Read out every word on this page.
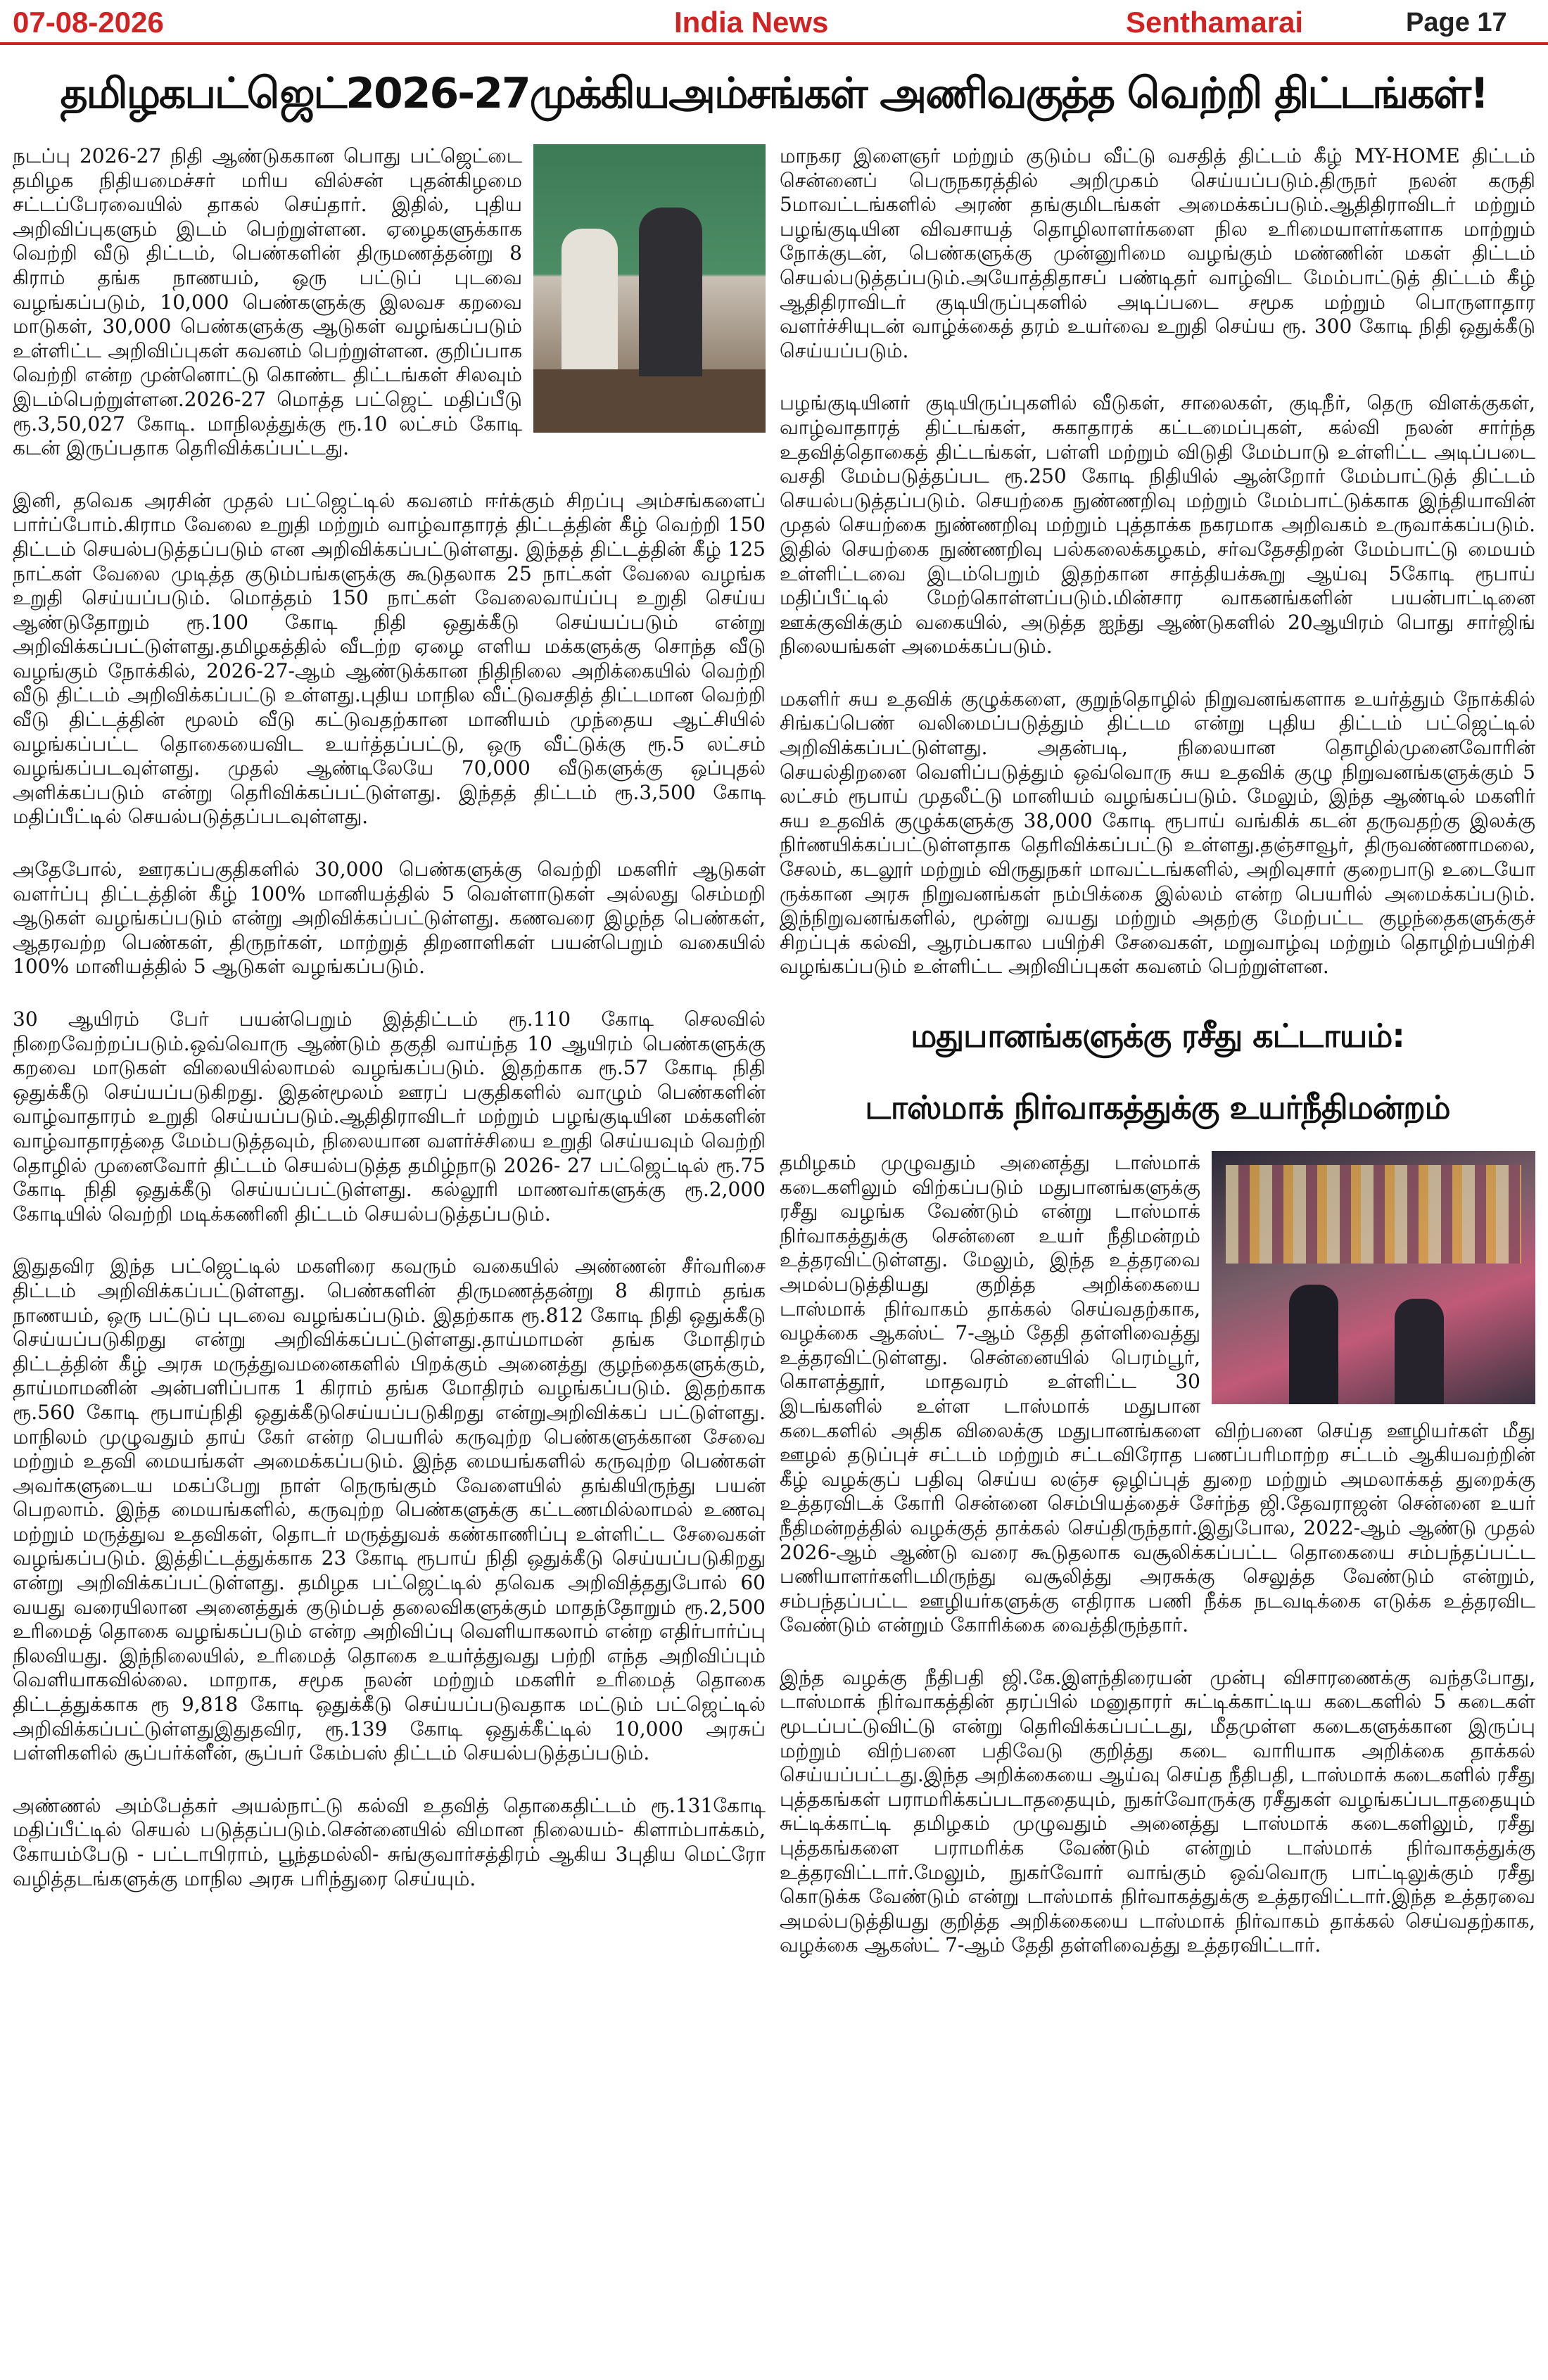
07-08-2026	India News	Senthamarai	Page 17
தமிழகபட்ஜெட்2026-27முக்கியஅம்சங்கள் அணிவகுத்த வெற்றி திட்டங்கள்!

நடப்பு 2026-27 நிதி ஆண்டுககான பொது பட்ஜெட்டை தமிழக நிதியமைச்சர் மரிய வில்சன் புதன்கிழமை சட்டப்பேரவையில் தாகல் செய்தார். இதில், புதிய அறிவிப்புகளும் இடம் பெற்றுள்ளன. ஏழைகளுக்காக வெற்றி வீடு திட்டம், பெண்களின் திருமணத்தன்று 8 கிராம் தங்க நாணயம், ஒரு பட்டுப் புடவை வழங்கப்படும், 10,000 பெண்களுக்கு இலவச கறவை மாடுகள், 30,000 பெண்களுக்கு ஆடுகள் வழங்கப்படும் உள்ளிட்ட அறிவிப்புகள் கவனம் பெற்றுள்ளன. குறிப்பாக வெற்றி என்ற முன்னொட்டு கொண்ட திட்டங்கள் சிலவும் இடம்பெற்றுள்ளன.2026-27 மொத்த பட்ஜெட் மதிப்பீடு ரூ.3,50,027 கோடி. மாநிலத்துக்கு ரூ.10 லட்சம் கோடி கடன் இருப்பதாக தெரிவிக்கப்பட்டது.

இனி, தவெக அரசின் முதல் பட்ஜெட்டில் கவனம் ஈர்க்கும் சிறப்பு அம்சங்களைப் பார்ப்போம்.கிராம வேலை உறுதி மற்றும் வாழ்வாதாரத் திட்டத்தின் கீழ் வெற்றி 150 திட்டம் செயல்படுத்தப்படும் என அறிவிக்கப்பட்டுள்ளது. இந்தத் திட்டத்தின் கீழ் 125 நாட்கள் வேலை முடித்த குடும்பங்களுக்கு கூடுதலாக 25 நாட்கள் வேலை வழங்க உறுதி செய்யப்படும். மொத்தம் 150 நாட்கள் வேலைவாய்ப்பு உறுதி செய்ய ஆண்டுதோறும் ரூ.100 கோடி நிதி ஒதுக்கீடு செய்யப்படும் என்று அறிவிக்கப்பட்டுள்ளது.தமிழகத்தில் வீடற்ற ஏழை எளிய மக்களுக்கு சொந்த வீடு வழங்கும் நோக்கில், 2026-27-ஆம் ஆண்டுக்கான நிதிநிலை அறிக்கையில் வெற்றி வீடு திட்டம் அறிவிக்கப்பட்டு உள்ளது.புதிய மாநில வீட்டுவசதித் திட்டமான வெற்றி வீடு திட்டத்தின் மூலம் வீடு கட்டுவதற்கான மானியம் முந்தைய ஆட்சியில் வழங்கப்பட்ட தொகையைவிட உயர்த்தப்பட்டு, ஒரு வீட்டுக்கு ரூ.5 லட்சம் வழங்கப்படவுள்ளது. முதல் ஆண்டிலேயே 70,000 வீடுகளுக்கு ஒப்புதல் அளிக்கப்படும் என்று தெரிவிக்கப்பட்டுள்ளது. இந்தத் திட்டம் ரூ.3,500 கோடி மதிப்பீட்டில் செயல்படுத்தப்படவுள்ளது.

அதேபோல், ஊரகப்பகுதிகளில் 30,000 பெண்களுக்கு வெற்றி மகளிர் ஆடுகள் வளர்ப்பு திட்டத்தின் கீழ் 100% மானியத்தில் 5 வெள்ளாடுகள் அல்லது செம்மறி ஆடுகள் வழங்கப்படும் என்று அறிவிக்கப்பட்டுள்ளது. கணவரை இழந்த பெண்கள், ஆதரவற்ற பெண்கள், திருநர்கள், மாற்றுத் திறனாளிகள் பயன்பெறும் வகையில் 100% மானியத்தில் 5 ஆடுகள் வழங்கப்படும்.

30 ஆயிரம் பேர் பயன்பெறும் இத்திட்டம் ரூ.110 கோடி செலவில் நிறைவேற்றப்படும்.ஒவ்வொரு ஆண்டும் தகுதி வாய்ந்த 10 ஆயிரம் பெண்களுக்கு கறவை மாடுகள் விலையில்லாமல் வழங்கப்படும். இதற்காக ரூ.57 கோடி நிதி ஒதுக்கீடு செய்யப்படுகிறது. இதன்மூலம் ஊரப் பகுதிகளில் வாழும் பெண்களின் வாழ்வாதாரம் உறுதி செய்யப்படும்.ஆதிதிராவிடர் மற்றும் பழங்குடியின மக்களின் வாழ்வாதாரத்தை மேம்படுத்தவும், நிலையான வளர்ச்சியை உறுதி செய்யவும் வெற்றி தொழில் முனைவோர் திட்டம் செயல்படுத்த தமிழ்நாடு 2026- 27 பட்ஜெட்டில் ரூ.75 கோடி நிதி ஒதுக்கீடு செய்யப்பட்டுள்ளது. கல்லூரி மாணவர்களுக்கு ரூ.2,000 கோடியில் வெற்றி மடிக்கணினி திட்டம் செயல்படுத்தப்படும்.

இதுதவிர இந்த பட்ஜெட்டில் மகளிரை கவரும் வகையில் அண்ணன் சீர்வரிசை திட்டம் அறிவிக்கப்பட்டுள்ளது. பெண்களின் திருமணத்தன்று 8 கிராம் தங்க நாணயம், ஒரு பட்டுப் புடவை வழங்கப்படும். இதற்காக ரூ.812 கோடி நிதி ஒதுக்கீடு செய்யப்படுகிறது என்று அறிவிக்கப்பட்டுள்ளது.தாய்மாமன் தங்க மோதிரம் திட்டத்தின் கீழ் அரசு மருத்துவமனைகளில் பிறக்கும் அனைத்து குழந்தைகளுக்கும், தாய்மாமனின் அன்பளிப்பாக 1 கிராம் தங்க மோதிரம் வழங்கப்படும். இதற்காக ரூ.560 கோடி ரூபாய்நிதி ஒதுக்கீடுசெய்யப்படுகிறது என்றுஅறிவிக்கப் பட்டுள்ளது. மாநிலம் முழுவதும் தாய் கேர் என்ற பெயரில் கருவுற்ற பெண்களுக்கான சேவை மற்றும் உதவி மையங்கள் அமைக்கப்படும். இந்த மையங்களில் கருவுற்ற பெண்கள் அவர்களுடைய மகப்பேறு நாள் நெருங்கும் வேளையில் தங்கியிருந்து பயன் பெறலாம். இந்த மையங்களில், கருவுற்ற பெண்களுக்கு கட்டணமில்லாமல் உணவு மற்றும் மருத்துவ உதவிகள், தொடர் மருத்துவக் கண்காணிப்பு உள்ளிட்ட சேவைகள் வழங்கப்படும். இத்திட்டத்துக்காக 23 கோடி ரூபாய் நிதி ஒதுக்கீடு செய்யப்படுகிறது என்று அறிவிக்கப்பட்டுள்ளது. தமிழக பட்ஜெட்டில் தவெக அறிவித்ததுபோல் 60 வயது வரையிலான அனைத்துக் குடும்பத் தலைவிகளுக்கும் மாதந்தோறும் ரூ.2,500 உரிமைத் தொகை வழங்கப்படும் என்ற அறிவிப்பு வெளியாகலாம் என்ற எதிர்பார்ப்பு நிலவியது. இந்நிலையில், உரிமைத் தொகை உயர்த்துவது பற்றி எந்த அறிவிப்பும் வெளியாகவில்லை. மாறாக, சமூக நலன் மற்றும் மகளிர் உரிமைத் தொகை திட்டத்துக்காக ரூ 9,818 கோடி ஒதுக்கீடு செய்யப்படுவதாக மட்டும் பட்ஜெட்டில் அறிவிக்கப்பட்டுள்ளதுஇதுதவிர, ரூ.139 கோடி ஒதுக்கீட்டில் 10,000 அரசுப் பள்ளிகளில் சூப்பர்க்ளீன், சூப்பர் கேம்பஸ் திட்டம் செயல்படுத்தப்படும்.

அண்ணல் அம்பேத்கர் அயல்நாட்டு கல்வி உதவித் தொகைதிட்டம் ரூ.131கோடி மதிப்பீட்டில் செயல் படுத்தப்படும்.சென்னையில் விமான நிலையம்- கிளாம்பாக்கம், கோயம்பேடு - பட்டாபிராம், பூந்தமல்லி- சுங்குவார்சத்திரம் ஆகிய 3புதிய மெட்ரோ வழித்தடங்களுக்கு மாநில அரசு பரிந்துரை செய்யும்.

மாநகர இளைஞர் மற்றும் குடும்ப வீட்டு வசதித் திட்டம் கீழ் MY-HOME திட்டம் சென்னைப் பெருநகரத்தில் அறிமுகம் செய்யப்படும்.திருநர் நலன் கருதி 5மாவட்டங்களில் அரண் தங்குமிடங்கள் அமைக்கப்படும்.ஆதிதிராவிடர் மற்றும் பழங்குடியின விவசாயத் தொழிலாளர்களை நில உரிமையாளர்களாக மாற்றும் நோக்குடன், பெண்களுக்கு முன்னுரிமை வழங்கும் மண்ணின் மகள் திட்டம் செயல்படுத்தப்படும்.அயோத்திதாசப் பண்டிதர் வாழ்விட மேம்பாட்டுத் திட்டம் கீழ் ஆதிதிராவிடர் குடியிருப்புகளில் அடிப்படை சமூக மற்றும் பொருளாதார வளர்ச்சியுடன் வாழ்க்கைத் தரம் உயர்வை உறுதி செய்ய ரூ. 300 கோடி நிதி ஒதுக்கீடு செய்யப்படும்.

பழங்குடியினர் குடியிருப்புகளில் வீடுகள், சாலைகள், குடிநீர், தெரு விளக்குகள், வாழ்வாதாரத் திட்டங்கள், சுகாதாரக் கட்டமைப்புகள், கல்வி நலன் சார்ந்த உதவித்தொகைத் திட்டங்கள், பள்ளி மற்றும் விடுதி மேம்பாடு உள்ளிட்ட அடிப்படை வசதி மேம்படுத்தப்பட ரூ.250 கோடி நிதியில் ஆன்றோர் மேம்பாட்டுத் திட்டம் செயல்படுத்தப்படும். செயற்கை நுண்ணறிவு மற்றும் மேம்பாட்டுக்காக இந்தியாவின் முதல் செயற்கை நுண்ணறிவு மற்றும் புத்தாக்க நகரமாக அறிவகம் உருவாக்கப்படும். இதில் செயற்கை நுண்ணறிவு பல்கலைக்கழகம், சர்வதேசதிறன் மேம்பாட்டு மையம் உள்ளிட்டவை இடம்பெறும் இதற்கான சாத்தியக்கூறு ஆய்வு 5கோடி ரூபாய் மதிப்பீட்டில் மேற்கொள்ளப்படும்.மின்சார வாகனங்களின் பயன்பாட்டினை ஊக்குவிக்கும் வகையில், அடுத்த ஐந்து ஆண்டுகளில் 20ஆயிரம் பொது சார்ஜிங் நிலையங்கள் அமைக்கப்படும்.

மகளிர் சுய உதவிக் குழுக்களை, குறுந்தொழில் நிறுவனங்களாக உயர்த்தும் நோக்கில் சிங்கப்பெண் வலிமைப்படுத்தும் திட்டம என்று புதிய திட்டம் பட்ஜெட்டில் அறிவிக்கப்பட்டுள்ளது. அதன்படி, நிலையான தொழில்முனைவோரின் செயல்திறனை வெளிப்படுத்தும் ஒவ்வொரு சுய உதவிக் குழு நிறுவனங்களுக்கும் 5 லட்சம் ரூபாய் முதலீட்டு மானியம் வழங்கப்படும். மேலும், இந்த ஆண்டில் மகளிர் சுய உதவிக் குழுக்களுக்கு 38,000 கோடி ரூபாய் வங்கிக் கடன் தருவதற்கு இலக்கு நிர்ணயிக்கப்பட்டுள்ளதாக தெரிவிக்கப்பட்டு உள்ளது.தஞ்சாவூர், திருவண்ணாமலை, சேலம், கடலூர் மற்றும் விருதுநகர் மாவட்டங்களில், அறிவுசார் குறைபாடு உடையோ ருக்கான அரசு நிறுவனங்கள் நம்பிக்கை இல்லம் என்ற பெயரில் அமைக்கப்படும். இந்நிறுவனங்களில், மூன்று வயது மற்றும் அதற்கு மேற்பட்ட குழந்தைகளுக்குச் சிறப்புக் கல்வி, ஆரம்பகால பயிற்சி சேவைகள், மறுவாழ்வு மற்றும் தொழிற்பயிற்சி வழங்கப்படும் உள்ளிட்ட அறிவிப்புகள் கவனம் பெற்றுள்ளன.

மதுபானங்களுக்கு ரசீது கட்டாயம்:
டாஸ்மாக் நிர்வாகத்துக்கு உயர்நீதிமன்றம்

தமிழகம் முழுவதும் அனைத்து டாஸ்மாக் கடைகளிலும் விற்கப்படும் மதுபானங்களுக்கு ரசீது வழங்க வேண்டும் என்று டாஸ்மாக் நிர்வாகத்துக்கு சென்னை உயர் நீதிமன்றம் உத்தரவிட்டுள்ளது. மேலும், இந்த உத்தரவை அமல்படுத்தியது குறித்த அறிக்கையை டாஸ்மாக் நிர்வாகம் தாக்கல் செய்வதற்காக, வழக்கை ஆகஸ்ட் 7-ஆம் தேதி தள்ளிவைத்து உத்தரவிட்டுள்ளது. சென்னையில் பெரம்பூர், கொளத்தூர், மாதவரம் உள்ளிட்ட 30 இடங்களில் உள்ள டாஸ்மாக் மதுபான கடைகளில் அதிக விலைக்கு மதுபானங்களை விற்பனை செய்த ஊழியர்கள் மீது ஊழல் தடுப்புச் சட்டம் மற்றும் சட்டவிரோத பணப்பரிமாற்ற சட்டம் ஆகியவற்றின் கீழ் வழக்குப் பதிவு செய்ய லஞ்ச ஒழிப்புத் துறை மற்றும் அமலாக்கத் துறைக்கு உத்தரவிடக் கோரி சென்னை செம்பியத்தைச் சேர்ந்த ஜி.தேவராஜன் சென்னை உயர் நீதிமன்றத்தில் வழக்குத் தாக்கல் செய்திருந்தார்.இதுபோல, 2022-ஆம் ஆண்டு முதல் 2026-ஆம் ஆண்டு வரை கூடுதலாக வசூலிக்கப்பட்ட தொகையை சம்பந்தப்பட்ட பணியாளர்களிடமிருந்து வசூலித்து அரசுக்கு செலுத்த வேண்டும் என்றும், சம்பந்தப்பட்ட ஊழியர்களுக்கு எதிராக பணி நீக்க நடவடிக்கை எடுக்க உத்தரவிட வேண்டும் என்றும் கோரிக்கை வைத்திருந்தார்.

இந்த வழக்கு நீதிபதி ஜி.கே.இளந்திரையன் முன்பு விசாரணைக்கு வந்தபோது, டாஸ்மாக் நிர்வாகத்தின் தரப்பில் மனுதாரர் சுட்டிக்காட்டிய கடைகளில் 5 கடைகள் மூடப்பட்டுவிட்டு என்று தெரிவிக்கப்பட்டது, மீதமுள்ள கடைகளுக்கான இருப்பு மற்றும் விற்பனை பதிவேடு குறித்து கடை வாரியாக அறிக்கை தாக்கல் செய்யப்பட்டது.இந்த அறிக்கையை ஆய்வு செய்த நீதிபதி, டாஸ்மாக் கடைகளில் ரசீது புத்தகங்கள் பராமரிக்கப்படாததையும், நுகர்வோருக்கு ரசீதுகள் வழங்கப்படாததையும் சுட்டிக்காட்டி தமிழகம் முழுவதும் அனைத்து டாஸ்மாக் கடைகளிலும், ரசீது புத்தகங்களை பராமரிக்க வேண்டும் என்றும் டாஸ்மாக் நிர்வாகத்துக்கு உத்தரவிட்டார்.மேலும், நுகர்வோர் வாங்கும் ஒவ்வொரு பாட்டிலுக்கும் ரசீது கொடுக்க வேண்டும் என்று டாஸ்மாக் நிர்வாகத்துக்கு உத்தரவிட்டார்.இந்த உத்தரவை அமல்படுத்தியது குறித்த அறிக்கையை டாஸ்மாக் நிர்வாகம் தாக்கல் செய்வதற்காக, வழக்கை ஆகஸ்ட் 7-ஆம் தேதி தள்ளிவைத்து உத்தரவிட்டார்.
